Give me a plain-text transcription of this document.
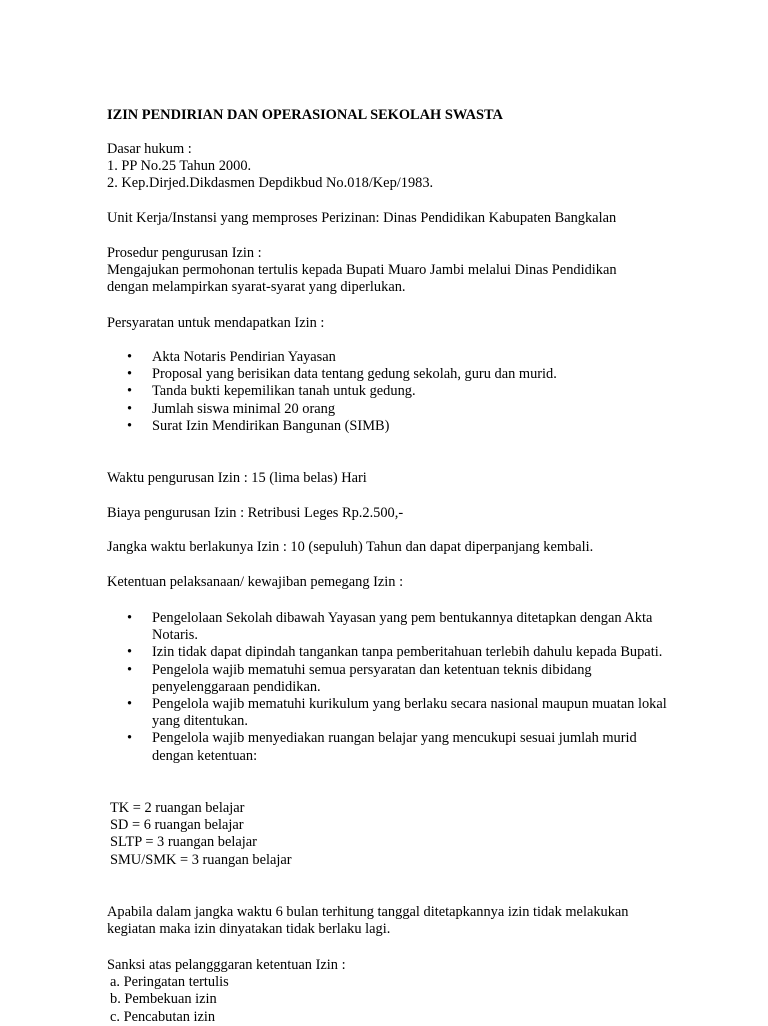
IZIN PENDIRIAN DAN OPERASIONAL SEKOLAH SWASTA

Dasar hukum :
1. PP No.25 Tahun 2000.
2. Kep.Dirjed.Dikdasmen Depdikbud No.018/Kep/1983.
Unit Kerja/Instansi yang memproses Perizinan: Dinas Pendidikan Kabupaten Bangkalan
Prosedur pengurusan Izin :
Mengajukan permohonan tertulis kepada Bupati Muaro Jambi melalui Dinas Pendidikan
dengan melampirkan syarat-syarat yang diperlukan.
Persyaratan untuk mendapatkan Izin :
• Akta Notaris Pendirian Yayasan
• Proposal yang berisikan data tentang gedung sekolah, guru dan murid.
• Tanda bukti kepemilikan tanah untuk gedung.
• Jumlah siswa minimal 20 orang
• Surat Izin Mendirikan Bangunan (SIMB)
Waktu pengurusan Izin : 15 (lima belas) Hari
Biaya pengurusan Izin : Retribusi Leges Rp.2.500,-
Jangka waktu berlakunya Izin : 10 (sepuluh) Tahun dan dapat diperpanjang kembali.
Ketentuan pelaksanaan/ kewajiban pemegang Izin :
• Pengelolaan Sekolah dibawah Yayasan yang pem bentukannya ditetapkan dengan Akta Notaris.
• Izin tidak dapat dipindah tangankan tanpa pemberitahuan terlebih dahulu kepada Bupati.
• Pengelola wajib mematuhi semua persyaratan dan ketentuan teknis dibidang penyelenggaraan pendidikan.
• Pengelola wajib mematuhi kurikulum yang berlaku secara nasional maupun muatan lokal yang ditentukan.
• Pengelola wajib menyediakan ruangan belajar yang mencukupi sesuai jumlah murid dengan ketentuan:
TK = 2 ruangan belajar
SD = 6 ruangan belajar
SLTP = 3 ruangan belajar
SMU/SMK = 3 ruangan belajar
Apabila dalam jangka waktu 6 bulan terhitung tanggal ditetapkannya izin tidak melakukan
kegiatan maka izin dinyatakan tidak berlaku lagi.
Sanksi atas pelangggaran ketentuan Izin :
a. Peringatan tertulis
b. Pembekuan izin
c. Pencabutan izin
